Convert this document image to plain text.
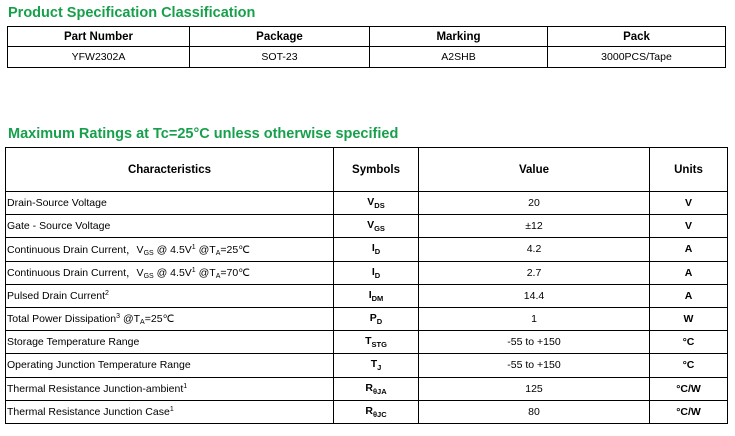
Product Specification Classification
Part Number	Package	Marking	Pack
YFW2302A	SOT-23	A2SHB	3000PCS/Tape
Maximum Ratings at Tc=25°C unless otherwise specified
Characteristics	Symbols	Value	Units
Drain-Source Voltage	$V_{DS}$	20	V
Gate - Source Voltage	$V_{GS}$	±12	V
Continuous Drain Current，$V_{GS}$ @ $4.5V^1$ $@T_A=25℃$	$I_D$	4.2	A
Continuous Drain Current，$V_{GS}$ @ $4.5V^1$ $@T_A=70℃$	$I_D$	2.7	A
Pulsed Drain Current$^2$	$I_{DM}$	14.4	A
Total Power Dissipation$^3$ $@T_A=25℃$	$P_D$	1	W
Storage Temperature Range	$T_{STG}$	-55 to +150	°C
Operating Junction Temperature Range	$T_J$	-55 to +150	°C
Thermal Resistance Junction-ambient$^1$	$R_{\theta JA}$	125	°C/W
Thermal Resistance Junction Case$^1$	$R_{\theta JC}$	80	°C/W
